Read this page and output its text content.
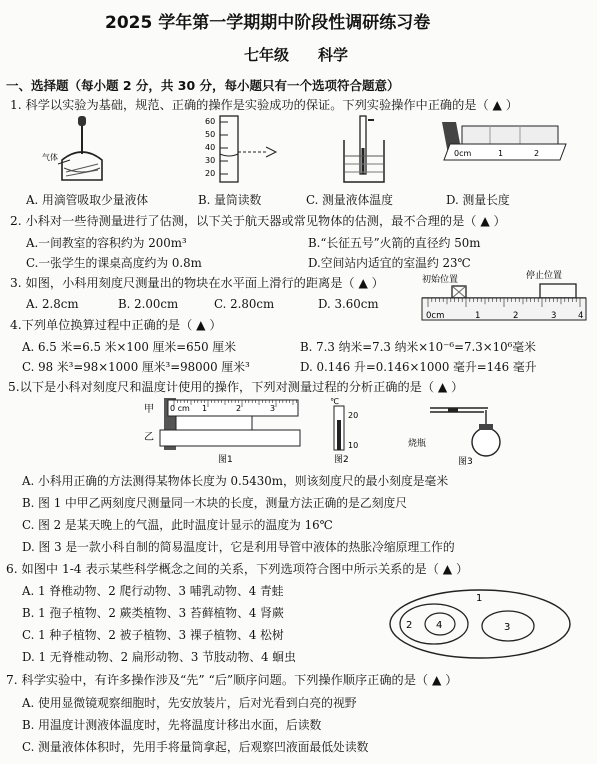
2025 学年第一学期期中阶段性调研练习卷
七年级 科学
一、选择题（每小题 2 分，共 30 分，每小题只有一个选项符合题意）
1. 科学以实验为基础，规范、正确的操作是实验成功的保证。下列实验操作中正确的是（ ▲ ）
气体
60
50
40
30
20
0cm	1	2
A. 用滴管吸取少量液体	B. 量筒读数	C. 测量液体温度	D. 测量长度
2. 小科对一些待测量进行了估测，以下关于航天器或常见物体的估测，最不合理的是（ ▲ ）
A.一间教室的容积约为 200m³	B.“长征五号”火箭的直径约 50m
C.一张学生的课桌高度约为 0.8m	D.空间站内适宜的室温约 23℃
3. 如图，小科用刻度尺测量出的物块在水平面上滑行的距离是（ ▲ ）
A. 2.8cm	B. 2.00cm	C. 2.80cm	D. 3.60cm
初始位置	停止位置
0cm	1	2	3	4
4.下列单位换算过程中正确的是（ ▲ ）
A. 6.5 米=6.5 米×100 厘米=650 厘米	B. 7.3 纳米=7.3 纳米×10⁻⁶=7.3×10⁶毫米
C. 98 米³=98×1000 厘米³=98000 厘米³	D. 0.146 升=0.146×1000 毫升=146 毫升
5.以下是小科对刻度尺和温度计使用的操作，下列对测量过程的分析正确的是（ ▲ ）
甲
乙
0 cm 1	2	3
图1
℃
20
10
图2
烧瓶
图3
A. 小科用正确的方法测得某物体长度为 0.5430m，则该刻度尺的最小刻度是毫米
B. 图 1 中甲乙两刻度尺测量同一木块的长度，测量方法正确的是乙刻度尺
C. 图 2 是某天晚上的气温，此时温度计显示的温度为 16℃
D. 图 3 是一款小科自制的简易温度计，它是利用导管中液体的热胀冷缩原理工作的
6. 如图中 1-4 表示某些科学概念之间的关系，下列选项符合图中所示关系的是（ ▲ ）
A. 1 脊椎动物、2 爬行动物、3 哺乳动物、4 青蛙
B. 1 孢子植物、2 蕨类植物、3 苔藓植物、4 肾蕨
C. 1 种子植物、2 被子植物、3 裸子植物、4 松树
D. 1 无脊椎动物、2 扁形动物、3 节肢动物、4 蛔虫
1
2	3
4
7. 科学实验中，有许多操作涉及“先” “后”顺序问题。下列操作顺序正确的是（ ▲ ）
A. 使用显微镜观察细胞时，先安放装片，后对光看到白亮的视野
B. 用温度计测液体温度时，先将温度计移出水面，后读数
C. 测量液体体积时，先用手将量筒拿起，后观察凹液面最低处读数
